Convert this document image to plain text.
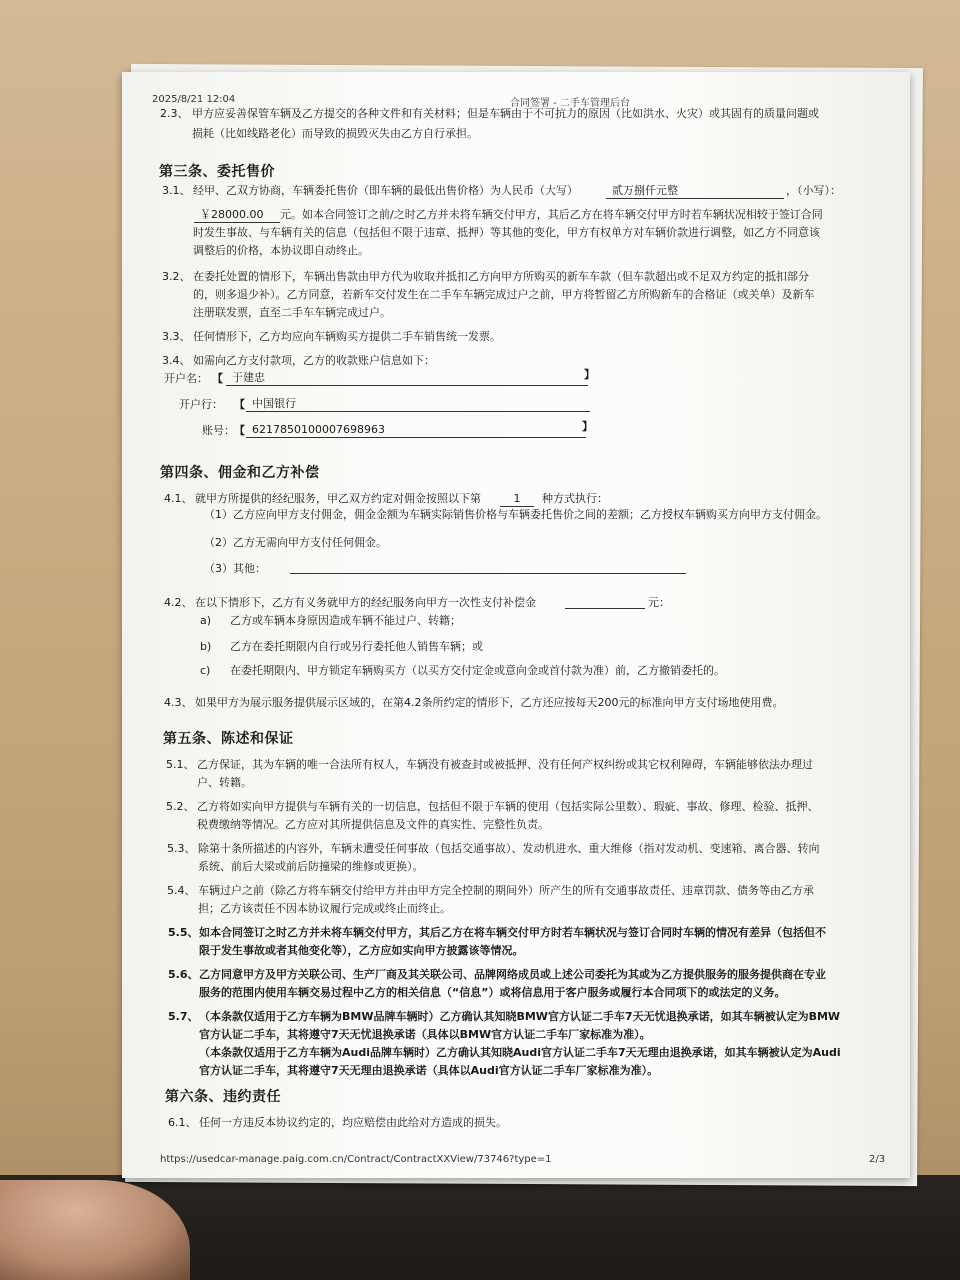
2025/8/21 12:04	合同签署 - 二手车管理后台
2.3、 甲方应妥善保管车辆及乙方提交的各种文件和有关材料；但是车辆由于不可抗力的原因（比如洪水、火灾）或其固有的质量问题或
损耗（比如线路老化）而导致的损毁灭失由乙方自行承担。
第三条、委托售价
3.1、 经甲、乙双方协商，车辆委托售价（即车辆的最低出售价格）为人民币（大写）	贰万捌仟元整	，（小写）：
￥28000.00	元。如本合同签订之前/之时乙方并未将车辆交付甲方，其后乙方在将车辆交付甲方时若车辆状况相较于签订合同
时发生事故、与车辆有关的信息（包括但不限于违章、抵押）等其他的变化，甲方有权单方对车辆价款进行调整，如乙方不同意该
调整后的价格，本协议即自动终止。
3.2、 在委托处置的情形下，车辆出售款由甲方代为收取并抵扣乙方向甲方所购买的新车车款（但车款超出或不足双方约定的抵扣部分
的，则多退少补）。乙方同意，若新车交付发生在二手车车辆完成过户之前，甲方将暂留乙方所购新车的合格证（或关单）及新车
注册联发票，直至二手车车辆完成过户。
3.3、 任何情形下，乙方均应向车辆购买方提供二手车销售统一发票。
3.4、 如需向乙方支付款项，乙方的收款账户信息如下：
开户名： 【 于建忠	】
开户行： 【 中国银行
账号： 【 6217850100007698963	】
第四条、佣金和乙方补偿
4.1、 就甲方所提供的经纪服务，甲乙双方约定对佣金按照以下第	1	种方式执行：
（1）乙方应向甲方支付佣金，佣金金额为车辆实际销售价格与车辆委托售价之间的差额；乙方授权车辆购买方向甲方支付佣金。
（2）乙方无需向甲方支付任何佣金。
（3）其他：
4.2、 在以下情形下，乙方有义务就甲方的经纪服务向甲方一次性支付补偿金	元：
a) 乙方或车辆本身原因造成车辆不能过户、转籍；
b) 乙方在委托期限内自行或另行委托他人销售车辆；或
c) 在委托期限内、甲方锁定车辆购买方（以买方交付定金或意向金或首付款为准）前，乙方撤销委托的。
4.3、 如果甲方为展示服务提供展示区域的，在第4.2条所约定的情形下，乙方还应按每天200元的标准向甲方支付场地使用费。
第五条、陈述和保证
5.1、 乙方保证，其为车辆的唯一合法所有权人，车辆没有被查封或被抵押、没有任何产权纠纷或其它权利障碍，车辆能够依法办理过
户、转籍。
5.2、 乙方将如实向甲方提供与车辆有关的一切信息，包括但不限于车辆的使用（包括实际公里数）、瑕疵、事故、修理、检验、抵押、
税费缴纳等情况。乙方应对其所提供信息及文件的真实性、完整性负责。
5.3、 除第十条所描述的内容外，车辆未遭受任何事故（包括交通事故）、发动机进水、重大维修（指对发动机、变速箱、离合器、转向
系统、前后大梁或前后防撞梁的维修或更换）。
5.4、 车辆过户之前（除乙方将车辆交付给甲方并由甲方完全控制的期间外）所产生的所有交通事故责任、违章罚款、债务等由乙方承
担；乙方该责任不因本协议履行完成或终止而终止。
5.5、 如本合同签订之时乙方并未将车辆交付甲方，其后乙方在将车辆交付甲方时若车辆状况与签订合同时车辆的情况有差异（包括但不
限于发生事故或者其他变化等），乙方应如实向甲方披露该等情况。
5.6、 乙方同意甲方及甲方关联公司、生产厂商及其关联公司、品牌网络成员或上述公司委托为其或为乙方提供服务的服务提供商在专业
服务的范围内使用车辆交易过程中乙方的相关信息（“信息”）或将信息用于客户服务或履行本合同项下的或法定的义务。
5.7、 （本条款仅适用于乙方车辆为BMW品牌车辆时）乙方确认其知晓BMW官方认证二手车7天无忧退换承诺，如其车辆被认定为BMW
官方认证二手车，其将遵守7天无忧退换承诺（具体以BMW官方认证二手车厂家标准为准）。
（本条款仅适用于乙方车辆为Audi品牌车辆时）乙方确认其知晓Audi官方认证二手车7天无理由退换承诺，如其车辆被认定为Audi
官方认证二手车，其将遵守7天无理由退换承诺（具体以Audi官方认证二手车厂家标准为准）。
第六条、违约责任
6.1、 任何一方违反本协议约定的，均应赔偿由此给对方造成的损失。
https://usedcar-manage.paig.com.cn/Contract/ContractXXView/73746?type=1	2/3
